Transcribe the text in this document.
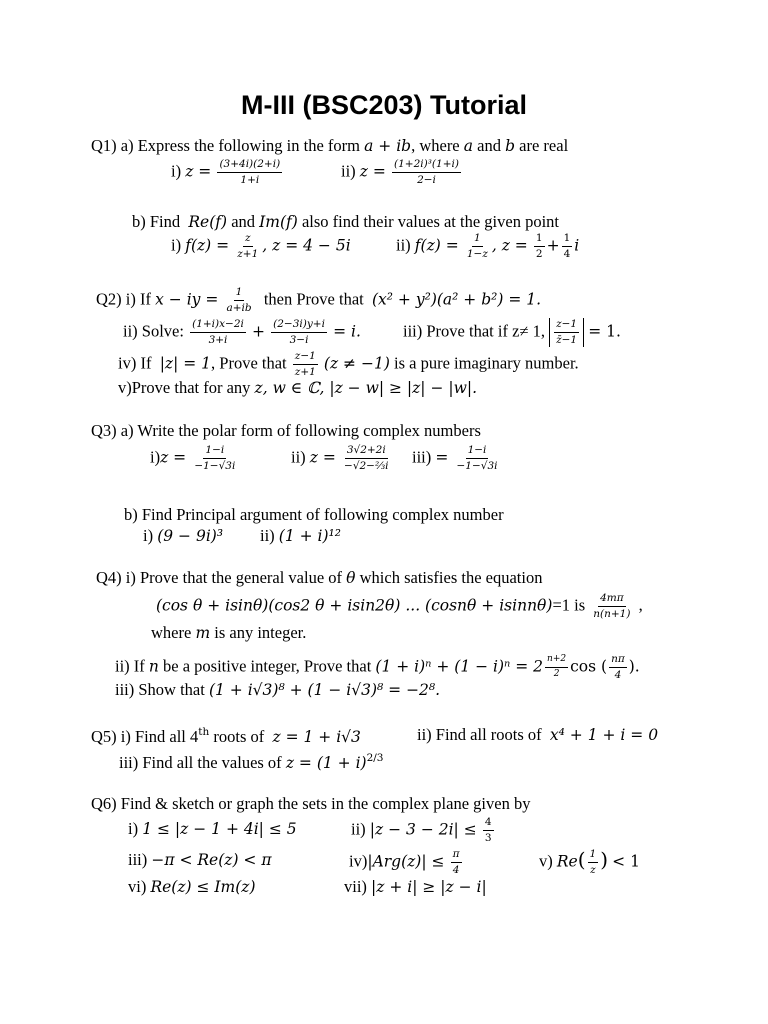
M-III (BSC203) Tutorial
Q1) a) Express the following in the form a + ib, where a and b are real
i) $z = \frac{(3+4i)(2+i)}{1+i}$	ii) $z = \frac{\text{(1+2i)³(1+i)}}{2-i}$
b) Find Re(f) and Im(f) also find their values at the given point
i) $f(z) = \frac{z}{z+1}$ , z = 4 − 5i	ii) $f(z) = \frac{1}{1-z}$ , $z = \frac{1}{2} + \frac{1}{4}$ i
Q2) i) If x − iy = $\frac{1}{a+ib}$ then Prove that (x² + y²)(a² + b²) = 1.
ii) Solve: $\frac{(1+i)x-2i}{3+i} + \frac{(2-3i)y+i}{3-i} = i$.	iii) Prove that if z≠ 1, $\frac{z-1}{z̄-1} = 1$.
iv) If |z| = 1, Prove that $\frac{z-1}{z+1} (z \ne -1)$ is a pure imaginary number.
v)Prove that for any z, w ∈ ℂ, |z − w| ≥ |z| − |w|.
Q3) a) Write the polar form of following complex numbers
$i)z = \frac{1-i}{-1-√3i}$	ii) $z = \frac{3√2+2i}{\text{−√2−⅔i}} iii) = \frac{1-i}{-1-√3i}$
b) Find Principal argument of following complex number
i) (9 − 9i)³ ii) (1 + i)¹²
Q4) i) Prove that the general value of θ which satisfies the equation
(cos θ + isinθ)(cos2 θ + isin2θ) ... (cosnθ + isinnθ)=1 is $\frac{4m\pi}{n(n+1)}$ ,
where m is any integer.
ii) If n be a positive integer, Prove that $(1 + i)^n + (1 - i)^n = 2 \frac{n+2}{2}$ cos ( $\frac{n\pi}{4}$ ).
iii) Show that (1 + i√3)⁸ + (1 − i√3)⁸ = −2⁸.
Q5) i) Find all 4th roots of z = 1 + i√3	ii) Find all roots of x⁴ + 1 + i = 0
iii) Find all the values of $z = (1 + i)^{2/3}$
Q6) Find & sketch or graph the sets in the complex plane given by
i) 1 ≤ |z − 1 + 4i| ≤ 5	ii) $|z - 3 - 2i| \le \frac{4}{3}$
iii) −π < Re(z) < π	$iv)|Arg(z)| \le \frac{\pi}{4}$	v) $Re( \frac{1}{z}$ ) < 1
vi) Re(z) ≤ Im(z)	vii) |z + i| ≥ |z − i|
